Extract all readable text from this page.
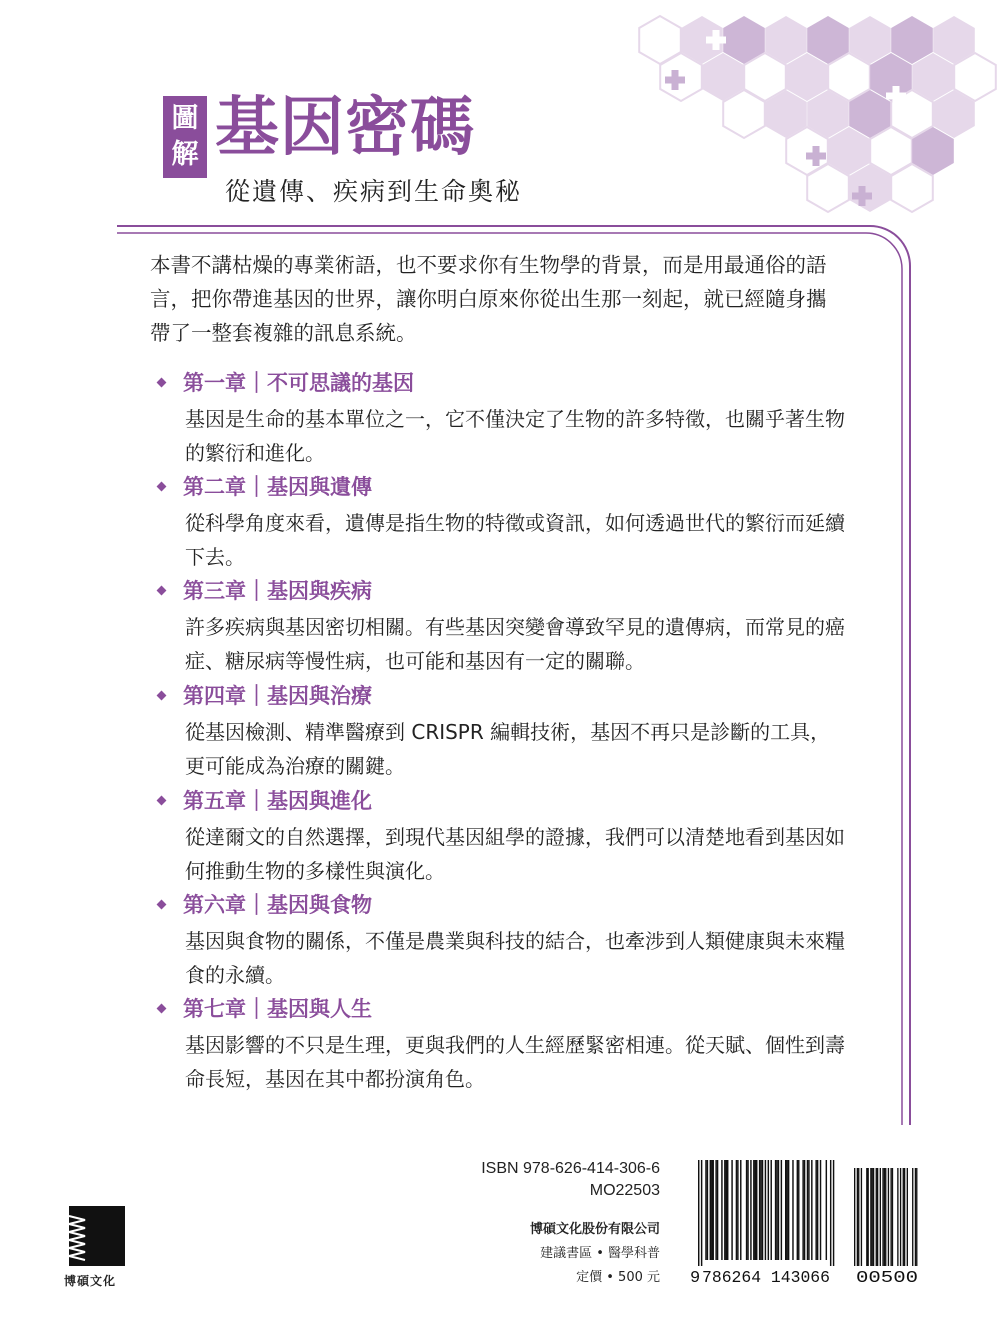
圖
解 基因密碼
從遺傳、疾病到生命奧秘

本書不講枯燥的專業術語，也不要求你有生物學的背景，而是用最通俗的語言，把你帶進基因的世界，讓你明白原來你從出生那一刻起，就已經隨身攜帶了一整套複雜的訊息系統。

第一章｜不可思議的基因

基因是生命的基本單位之一，它不僅決定了生物的許多特徵，也關乎著生物的繁衍和進化。

第二章｜基因與遺傳

從科學角度來看，遺傳是指生物的特徵或資訊，如何透過世代的繁衍而延續下去。

第三章｜基因與疾病

許多疾病與基因密切相關。有些基因突變會導致罕見的遺傳病，而常見的癌症、糖尿病等慢性病，也可能和基因有一定的關聯。

第四章｜基因與治療

從基因檢測、精準醫療到 CRISPR 編輯技術，基因不再只是診斷的工具，更可能成為治療的關鍵。

第五章｜基因與進化

從達爾文的自然選擇，到現代基因組學的證據，我們可以清楚地看到基因如何推動生物的多樣性與演化。

第六章｜基因與食物

基因與食物的關係，不僅是農業與科技的結合，也牽涉到人類健康與未來糧食的永續。

第七章｜基因與人生

基因影響的不只是生理，更與我們的人生經歷緊密相連。從天賦、個性到壽命長短，基因在其中都扮演角色。

博碩文化
ISBN 978-626-414-306-6
MO22503
博碩文化股份有限公司
建議書區 • 醫學科普
定價 • 500 元 9 786264 143066 00500
